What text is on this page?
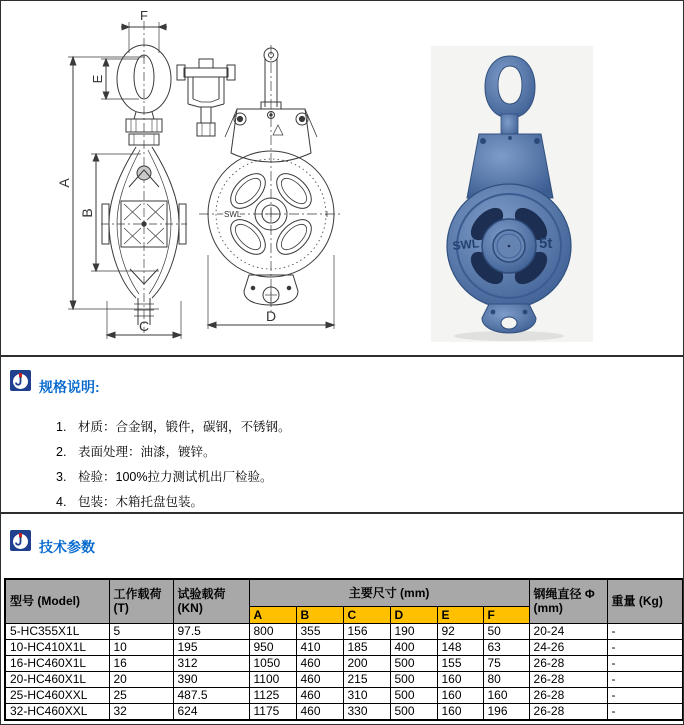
F
E
A
B
C
D
SWL
SWL	5t
规格说明:
1. 材质：合金钢，锻件，碳钢，不锈钢。
2. 表面处理：油漆，镀锌。
3. 检验：100%拉力测试机出厂检验。
4. 包装：木箱托盘包装。
技术参数
型号 (Model)	工作载荷 (T)	试验载荷 (KN)	主要尺寸 (mm)						钢绳直径 Φ (mm)	重量 (Kg)
			A	B	C	D	E	F		
5-HC355X1L	5	97.5	800	355	156	190	92	50	20-24	-
10-HC410X1L	10	195	950	410	185	400	148	63	24-26	-
16-HC460X1L	16	312	1050	460	200	500	155	75	26-28	-
20-HC460X1L	20	390	1100	460	215	500	160	80	26-28	-
25-HC460XXL	25	487.5	1125	460	310	500	160	160	26-28	-
32-HC460XXL	32	624	1175	460	330	500	160	196	26-28	-
